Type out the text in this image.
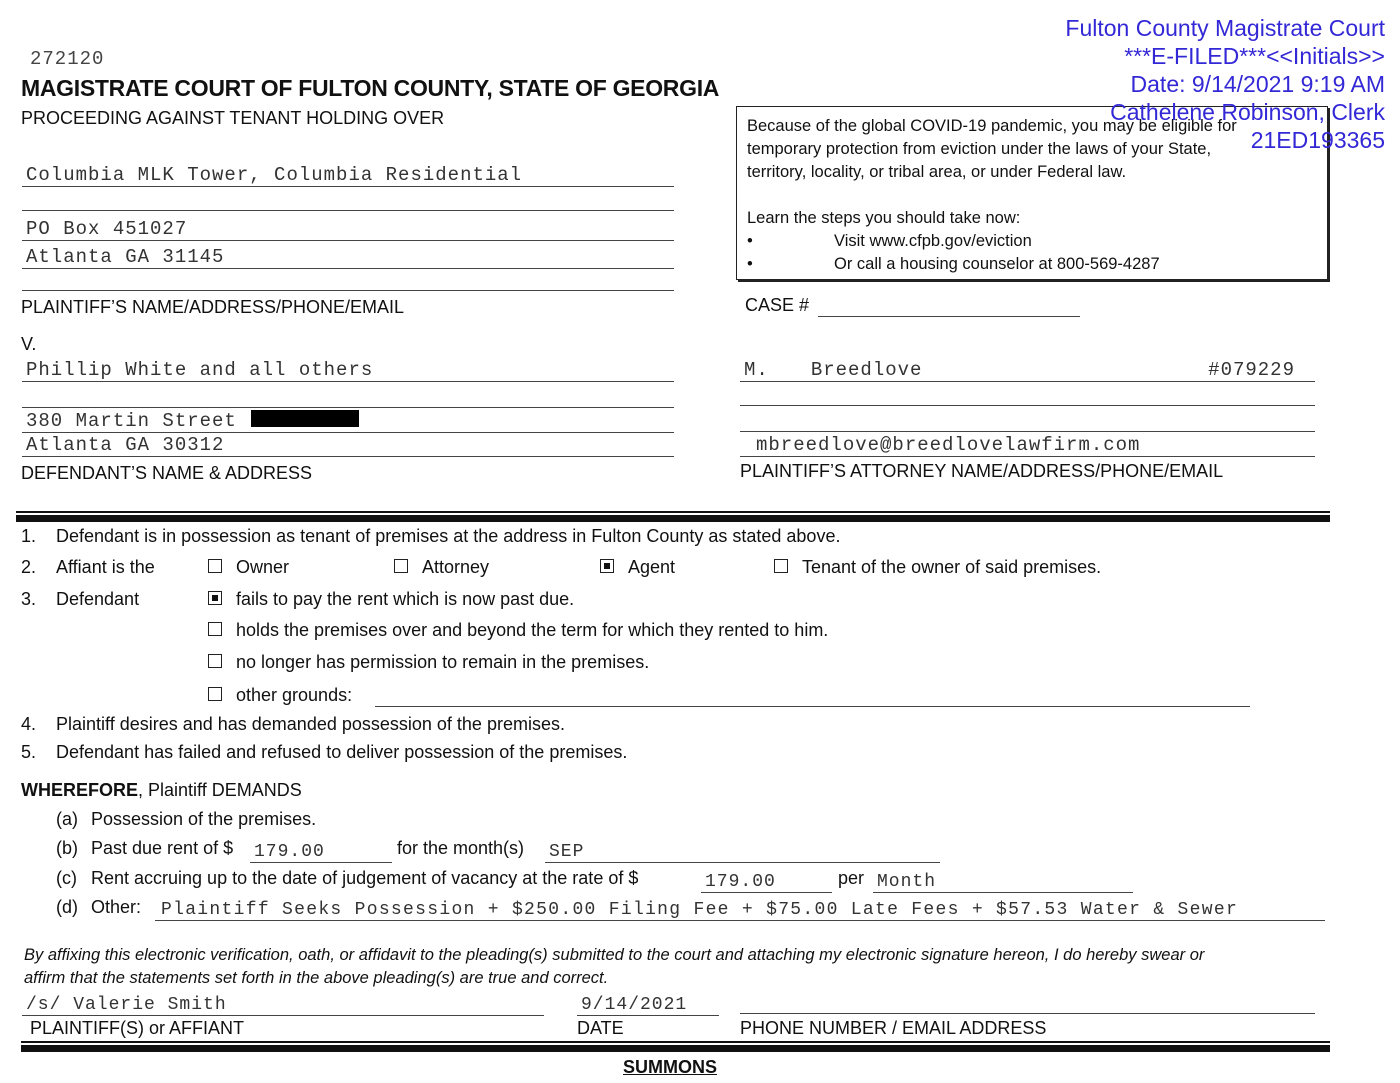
272120
MAGISTRATE COURT OF FULTON COUNTY, STATE OF GEORGIA
PROCEEDING AGAINST TENANT HOLDING OVER	Because of the global COVID-19 pandemic, you may be eligible for
temporary protection from eviction under the laws of your State,
territory, locality, or tribal area, or under Federal law.
Learn the steps you should take now:
•	Visit www.cfpb.gov/eviction
•	Or call a housing counselor at 800-569-4287
Fulton County Magistrate Court
***E-FILED***<<Initials>>
Date: 9/14/2021 9:19 AM
Cathelene Robinson, Clerk
21ED193365
Columbia MLK Tower, Columbia Residential
PO Box 451027
Atlanta GA 31145
PLAINTIFF’S NAME/ADDRESS/PHONE/EMAIL	CASE #
V.
Phillip White and all others
380 Martin Street
Atlanta GA 30312
DEFENDANT’S NAME & ADDRESS
M. Breedlove	#079229
mbreedlove@breedlovelawfirm.com
PLAINTIFF’S ATTORNEY NAME/ADDRESS/PHONE/EMAIL
1. Defendant is in possession as tenant of premises at the address in Fulton County as stated above.
2. Affiant is the	Owner	Attorney	Agent	Tenant of the owner of said premises.
3. Defendant	fails to pay the rent which is now past due.
holds the premises over and beyond the term for which they rented to him.
no longer has permission to remain in the premises.
other grounds:
4. Plaintiff desires and has demanded possession of the premises.
5. Defendant has failed and refused to deliver possession of the premises.
WHEREFORE, Plaintiff DEMANDS
(a) Possession of the premises.
(b) Past due rent of $ 179.00	for the month(s) SEP
(c) Rent accruing up to the date of judgement of vacancy at the rate of $	179.00	per Month
(d) Other:	Plaintiff Seeks Possession + $250.00 Filing Fee + $75.00 Late Fees + $57.53 Water & Sewer
By affixing this electronic verification, oath, or affidavit to the pleading(s) submitted to the court and attaching my electronic signature hereon, I do hereby swear or
affirm that the statements set forth in the above pleading(s) are true and correct.
/s/ Valerie Smith	9/14/2021
PLAINTIFF(S) or AFFIANT	DATE	PHONE NUMBER / EMAIL ADDRESS
SUMMONS
